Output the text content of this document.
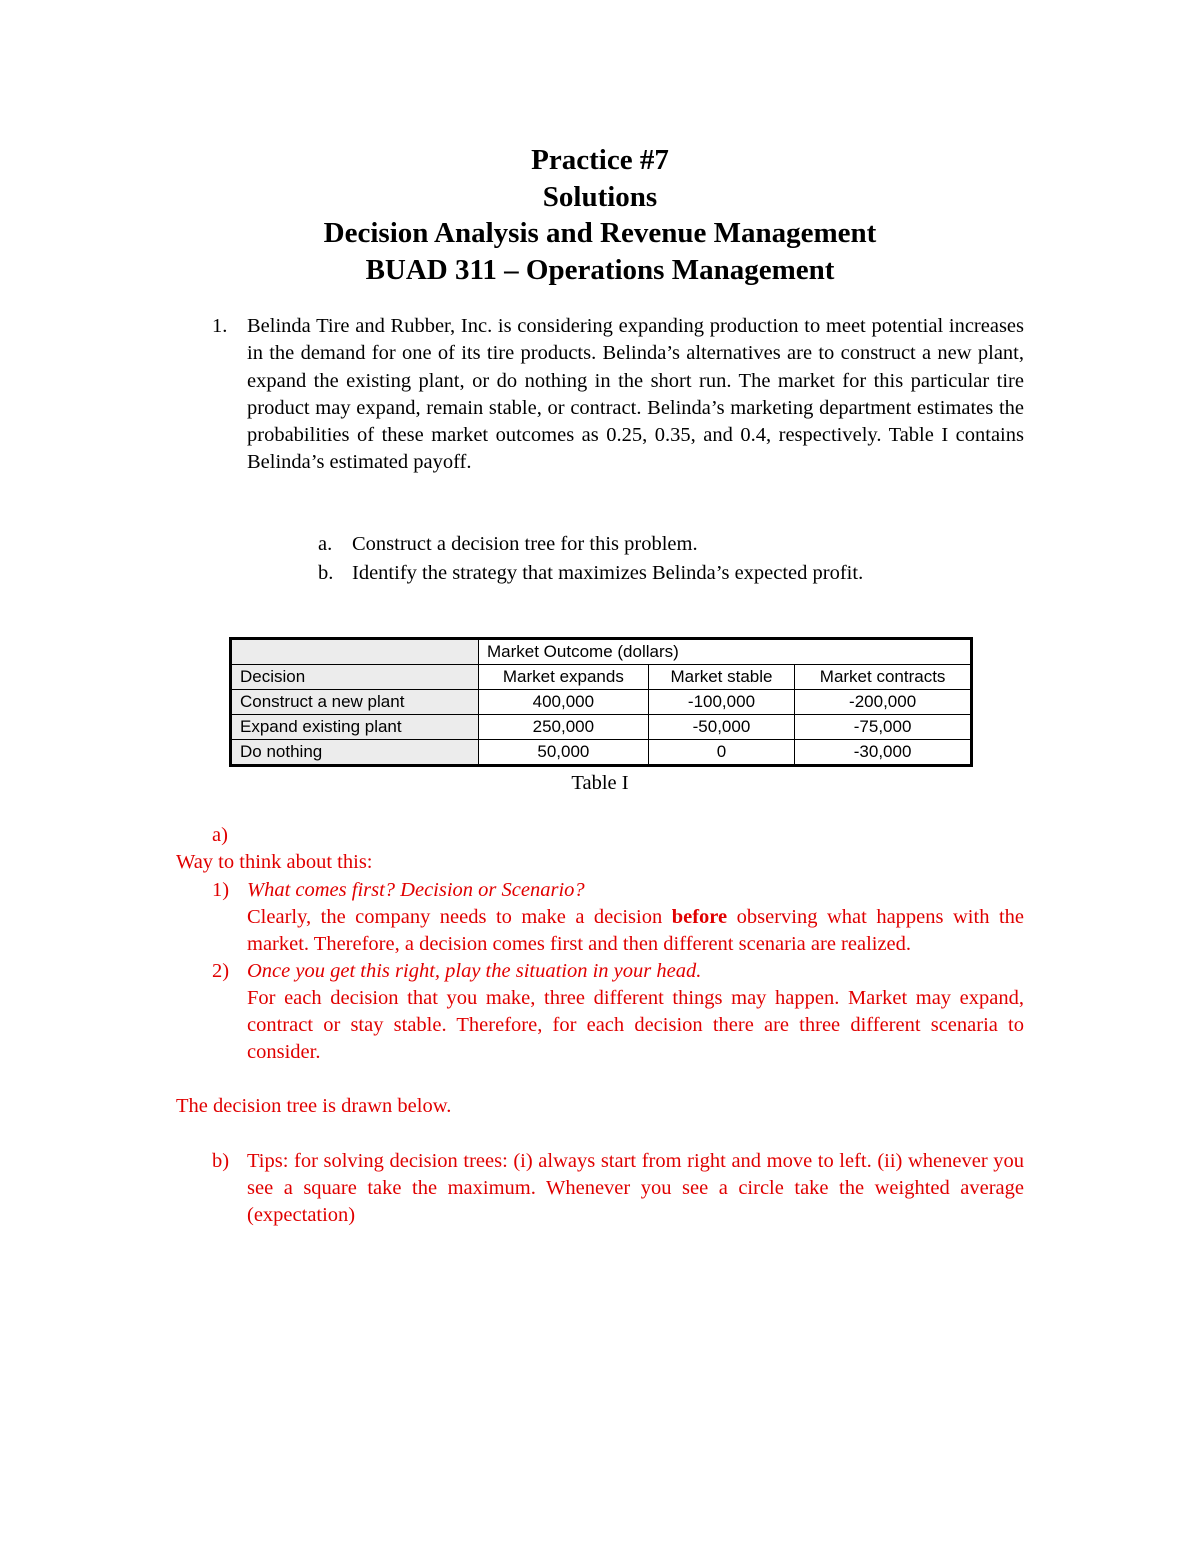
Practice #7
Solutions
Decision Analysis and Revenue Management
BUAD 311 – Operations Management
1. Belinda Tire and Rubber, Inc. is considering expanding production to meet potential increases in the demand for one of its tire products. Belinda’s alternatives are to construct a new plant, expand the existing plant, or do nothing in the short run. The market for this particular tire product may expand, remain stable, or contract. Belinda’s marketing department estimates the probabilities of these market outcomes as 0.25, 0.35, and 0.4, respectively. Table I contains Belinda’s estimated payoff.
a. Construct a decision tree for this problem.
b. Identify the strategy that maximizes Belinda’s expected profit.
	Market Outcome (dollars)		
Decision	Market expands	Market stable	Market contracts
Construct a new plant	400,000	-100,000	-200,000
Expand existing plant	250,000	-50,000	-75,000
Do nothing	50,000	0	-30,000
Table I
a)
Way to think about this:
1) What comes first? Decision or Scenario?
Clearly, the company needs to make a decision before observing what happens with the market. Therefore, a decision comes first and then different scenaria are realized.
2) Once you get this right, play the situation in your head.
For each decision that you make, three different things may happen. Market may expand, contract or stay stable. Therefore, for each decision there are three different scenaria to consider.
The decision tree is drawn below.
b) Tips: for solving decision trees: (i) always start from right and move to left. (ii) whenever you see a square take the maximum. Whenever you see a circle take the weighted average (expectation)
